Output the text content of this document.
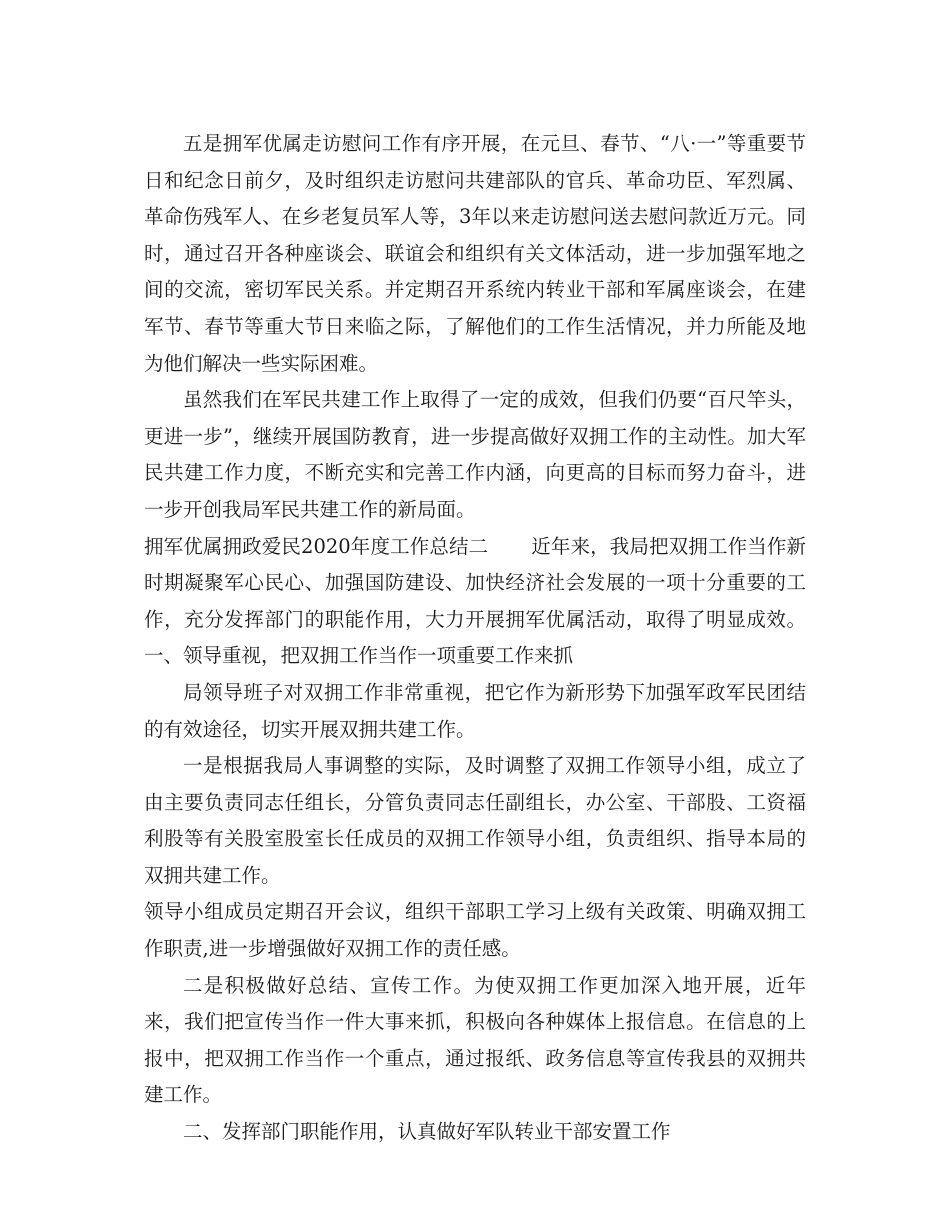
五是拥军优属走访慰问工作有序开展，在元旦、春节、“八·一”等重要节日和纪念日前夕，及时组织走访慰问共建部队的官兵、革命功臣、军烈属、革命伤残军人、在乡老复员军人等，3年以来走访慰问送去慰问款近万元。同时，通过召开各种座谈会、联谊会和组织有关文体活动，进一步加强军地之间的交流，密切军民关系。并定期召开系统内转业干部和军属座谈会，在建军节、春节等重大节日来临之际，了解他们的工作生活情况，并力所能及地为他们解决一些实际困难。

虽然我们在军民共建工作上取得了一定的成效，但我们仍要“百尺竿头，更进一步”，继续开展国防教育，进一步提高做好双拥工作的主动性。加大军民共建工作力度，不断充实和完善工作内涵，向更高的目标而努力奋斗，进一步开创我局军民共建工作的新局面。

拥军优属拥政爱民2020年度工作总结二 近年来，我局把双拥工作当作新时期凝聚军心民心、加强国防建设、加快经济社会发展的一项十分重要的工作，充分发挥部门的职能作用，大力开展拥军优属活动，取得了明显成效。一、领导重视，把双拥工作当作一项重要工作来抓

局领导班子对双拥工作非常重视，把它作为新形势下加强军政军民团结的有效途径，切实开展双拥共建工作。

一是根据我局人事调整的实际，及时调整了双拥工作领导小组，成立了由主要负责同志任组长，分管负责同志任副组长，办公室、干部股、工资福利股等有关股室股室长任成员的双拥工作领导小组，负责组织、指导本局的双拥共建工作。

领导小组成员定期召开会议，组织干部职工学习上级有关政策、明确双拥工作职责,进一步增强做好双拥工作的责任感。

二是积极做好总结、宣传工作。为使双拥工作更加深入地开展，近年来，我们把宣传当作一件大事来抓，积极向各种媒体上报信息。在信息的上报中，把双拥工作当作一个重点，通过报纸、政务信息等宣传我县的双拥共建工作。

二、发挥部门职能作用，认真做好军队转业干部安置工作
